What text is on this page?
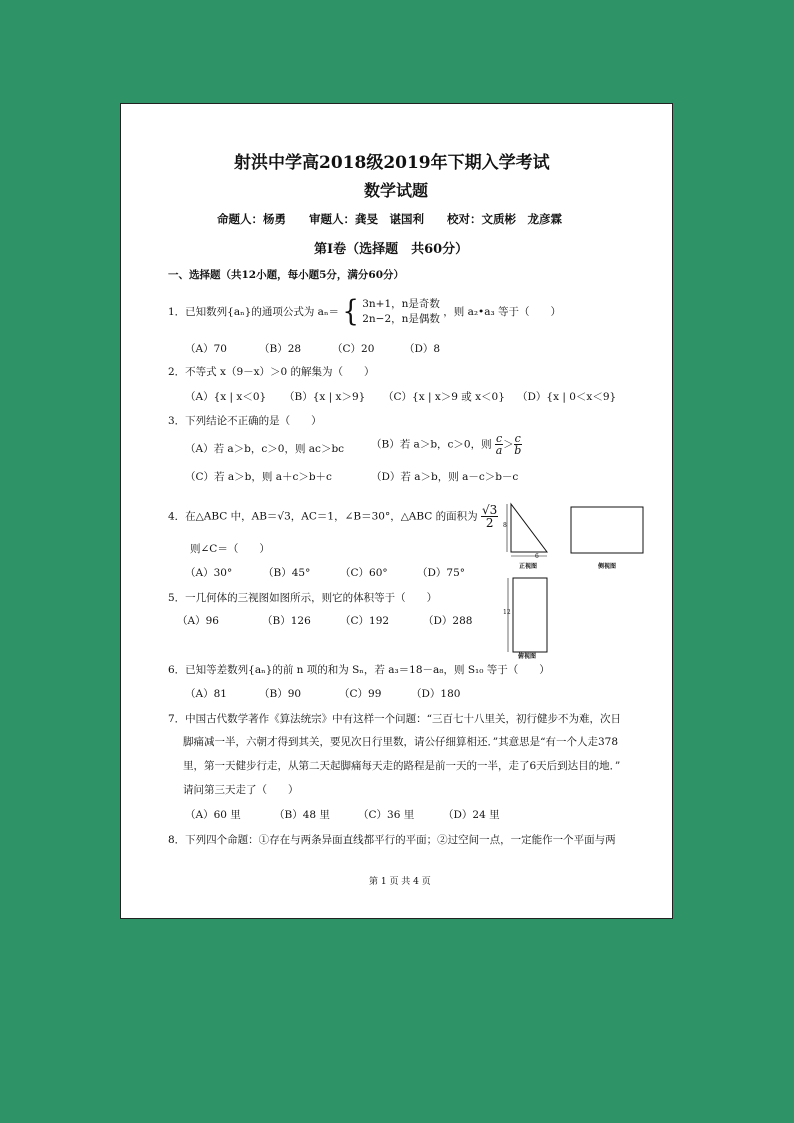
射洪中学高2018级2019年下期入学考试
数学试题
命题人：杨勇　　审题人：龚旻　谌国利　　校对：文质彬　龙彦霖
第Ⅰ卷（选择题　共60分）
一、选择题（共12小题，每小题5分，满分60分）
1．已知数列{aₙ}的通项公式为 aₙ＝ { 3n+1，n是奇数
2n−2，n是偶数
，则 a₂•a₃ 等于（　　）
（A）70	（B）28	（C）20	（D）8
2．不等式 x（9－x）＞0 的解集为（　　）
（A）{x | x＜0} （B）{x | x＞9} （C）{x | x＞9 或 x＜0} （D）{x | 0＜x＜9}
3．下列结论不正确的是（　　）
（A）若 a＞b，c＞0，则 ac＞bc	（B）若 a＞b，c＞0，则 $\frac{c}{a} > \frac{c}{b}$
（C）若 a＞b，则 a＋c＞b＋c	（D）若 a＞b，则 a－c＞b－c
4．在△ABC 中，AB＝√3，AC＝1，∠B＝30°，△ABC 的面积为 $\frac{√3}{2}$
则∠C＝（　　）
（A）30°	（B）45°	（C）60°	（D）75°
5．一几何体的三视图如图所示，则它的体积等于（　　）
（A）96	（B）126	（C）192	（D）288
8
6
正视图	侧视图
12
俯视图
6．已知等差数列{aₙ}的前 n 项的和为 Sₙ，若 a₃＝18－a₈，则 S₁₀ 等于（　　）
（A）81	（B）90	（C）99	（D）180
7．中国古代数学著作《算法统宗》中有这样一个问题：“三百七十八里关，初行健步不为难，次日
脚痛减一半，六朝才得到其关，要见次日行里数，请公仔细算相还．”其意思是“有一个人走378
里，第一天健步行走，从第二天起脚痛每天走的路程是前一天的一半，走了6天后到达目的地．”
请问第三天走了（　　）
（A）60 里	（B）48 里	（C）36 里	（D）24 里
8．下列四个命题：①存在与两条异面直线都平行的平面；②过空间一点，一定能作一个平面与两
第 1 页 共 4 页
